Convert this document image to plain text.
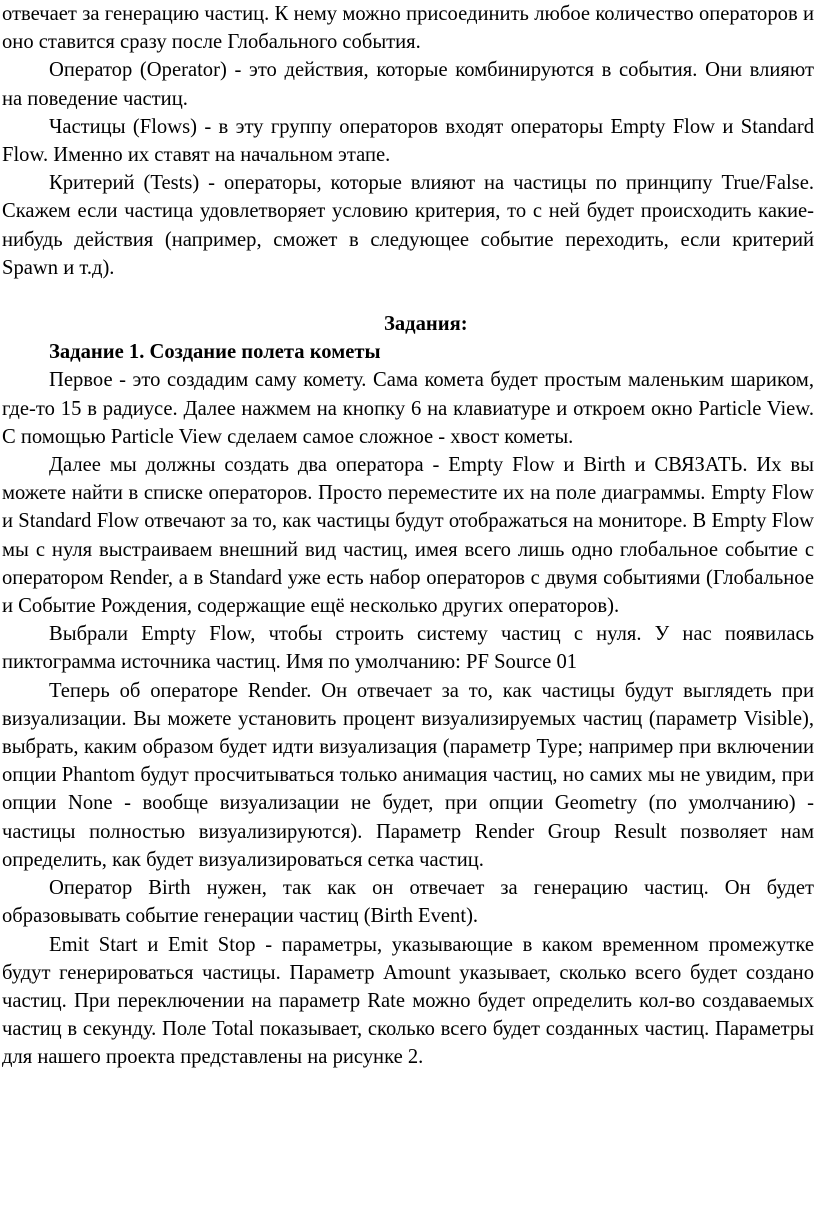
отвечает за генерацию частиц. К нему можно присоединить любое количество операторов и оно ставится сразу после Глобального события.

Оператор (Operator) - это действия, которые комбинируются в события. Они влияют на поведение частиц.

Частицы (Flows) - в эту группу операторов входят операторы Empty Flow и Standard Flow. Именно их ставят на начальном этапе.

Критерий (Tests) - операторы, которые влияют на частицы по принципу True/False. Скажем если частица удовлетворяет условию критерия, то с ней будет происходить какие-нибудь действия (например, сможет в следующее событие переходить, если критерий Spawn и т.д).

Задания:
Задание 1. Создание полета кометы

Первое - это создадим саму комету. Сама комета будет простым маленьким шариком, где-то 15 в радиусе. Далее нажмем на кнопку 6 на клавиатуре и откроем окно Particle View. С помощью Particle View сделаем самое сложное - хвост кометы.

Далее мы должны создать два оператора - Empty Flow и Birth и СВЯЗАТЬ. Их вы можете найти в списке операторов. Просто переместите их на поле диаграммы. Empty Flow и Standard Flow отвечают за то, как частицы будут отображаться на мониторе. В Empty Flow мы с нуля выстраиваем внешний вид частиц, имея всего лишь одно глобальное событие с оператором Render, а в Standard уже есть набор операторов с двумя событиями (Глобальное и Событие Рождения, содержащие ещё несколько других операторов).

Выбрали Empty Flow, чтобы строить систему частиц с нуля. У нас появилась пиктограмма источника частиц. Имя по умолчанию: PF Source 01

Теперь об операторе Render. Он отвечает за то, как частицы будут выглядеть при визуализации. Вы можете установить процент визуализируемых частиц (параметр Visible), выбрать, каким образом будет идти визуализация (параметр Type; например при включении опции Phantom будут просчитываться только анимация частиц, но самих мы не увидим, при опции None - вообще визуализации не будет, при опции Geometry (по умолчанию) - частицы полностью визуализируются). Параметр Render Group Result позволяет нам определить, как будет визуализироваться сетка частиц.

Оператор Birth нужен, так как он отвечает за генерацию частиц. Он будет образовывать событие генерации частиц (Birth Event).

Emit Start и Emit Stop - параметры, указывающие в каком временном промежутке будут генерироваться частицы. Параметр Amount указывает, сколько всего будет создано частиц. При переключении на параметр Rate можно будет определить кол-во создаваемых частиц в секунду. Поле Total показывает, сколько всего будет созданных частиц. Параметры для нашего проекта представлены на рисунке 2.
